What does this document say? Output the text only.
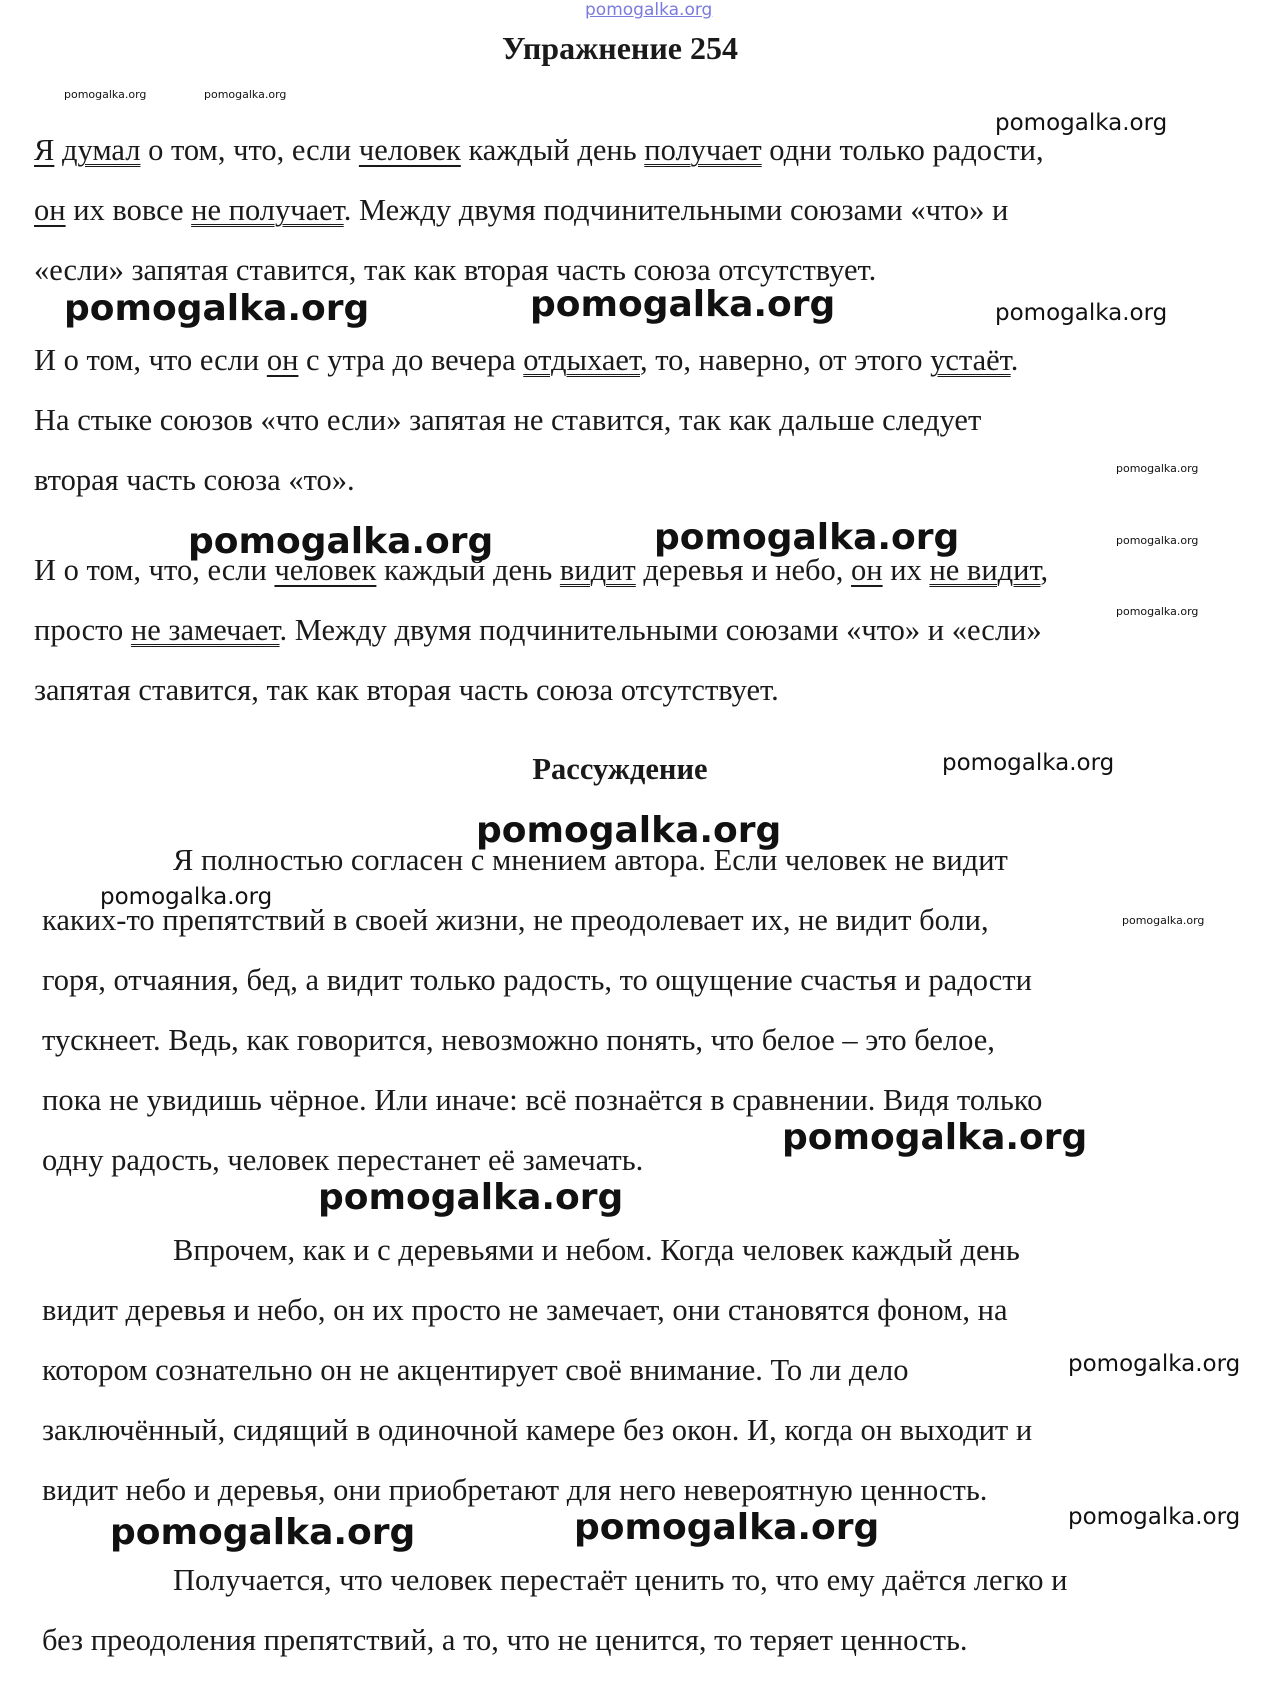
pomogalka.org
Упражнение 254
Я думал о том, что, если человек каждый день получает одни только радости,
он их вовсе не получает. Между двумя подчинительными союзами «что» и
«если» запятая ставится, так как вторая часть союза отсутствует.
И о том, что если он с утра до вечера отдыхает, то, наверно, от этого устаёт.
На стыке союзов «что если» запятая не ставится, так как дальше следует
вторая часть союза «то».
И о том, что, если человек каждый день видит деревья и небо, он их не видит,
просто не замечает. Между двумя подчинительными союзами «что» и «если»
запятая ставится, так как вторая часть союза отсутствует.
Рассуждение
Я полностью согласен с мнением автора. Если человек не видит
каких-то препятствий в своей жизни, не преодолевает их, не видит боли,
горя, отчаяния, бед, а видит только радость, то ощущение счастья и радости
тускнеет. Ведь, как говорится, невозможно понять, что белое – это белое,
пока не увидишь чёрное. Или иначе: всё познаётся в сравнении. Видя только
одну радость, человек перестанет её замечать.
Впрочем, как и с деревьями и небом. Когда человек каждый день
видит деревья и небо, он их просто не замечает, они становятся фоном, на
котором сознательно он не акцентирует своё внимание. То ли дело
заключённый, сидящий в одиночной камере без окон. И, когда он выходит и
видит небо и деревья, они приобретают для него невероятную ценность.
Получается, что человек перестаёт ценить то, что ему даётся легко и
без преодоления препятствий, а то, что не ценится, то теряет ценность.
pomogalka.org	pomogalka.org
pomogalka.org
pomogalka.org
pomogalka.org
pomogalka.org
pomogalka.org
pomogalka.org
pomogalka.org
pomogalka.org
pomogalka.org
pomogalka.org
pomogalka.org	pomogalka.org
pomogalka.org	pomogalka.org
pomogalka.org
pomogalka.org
pomogalka.org
pomogalka.org	pomogalka.org
